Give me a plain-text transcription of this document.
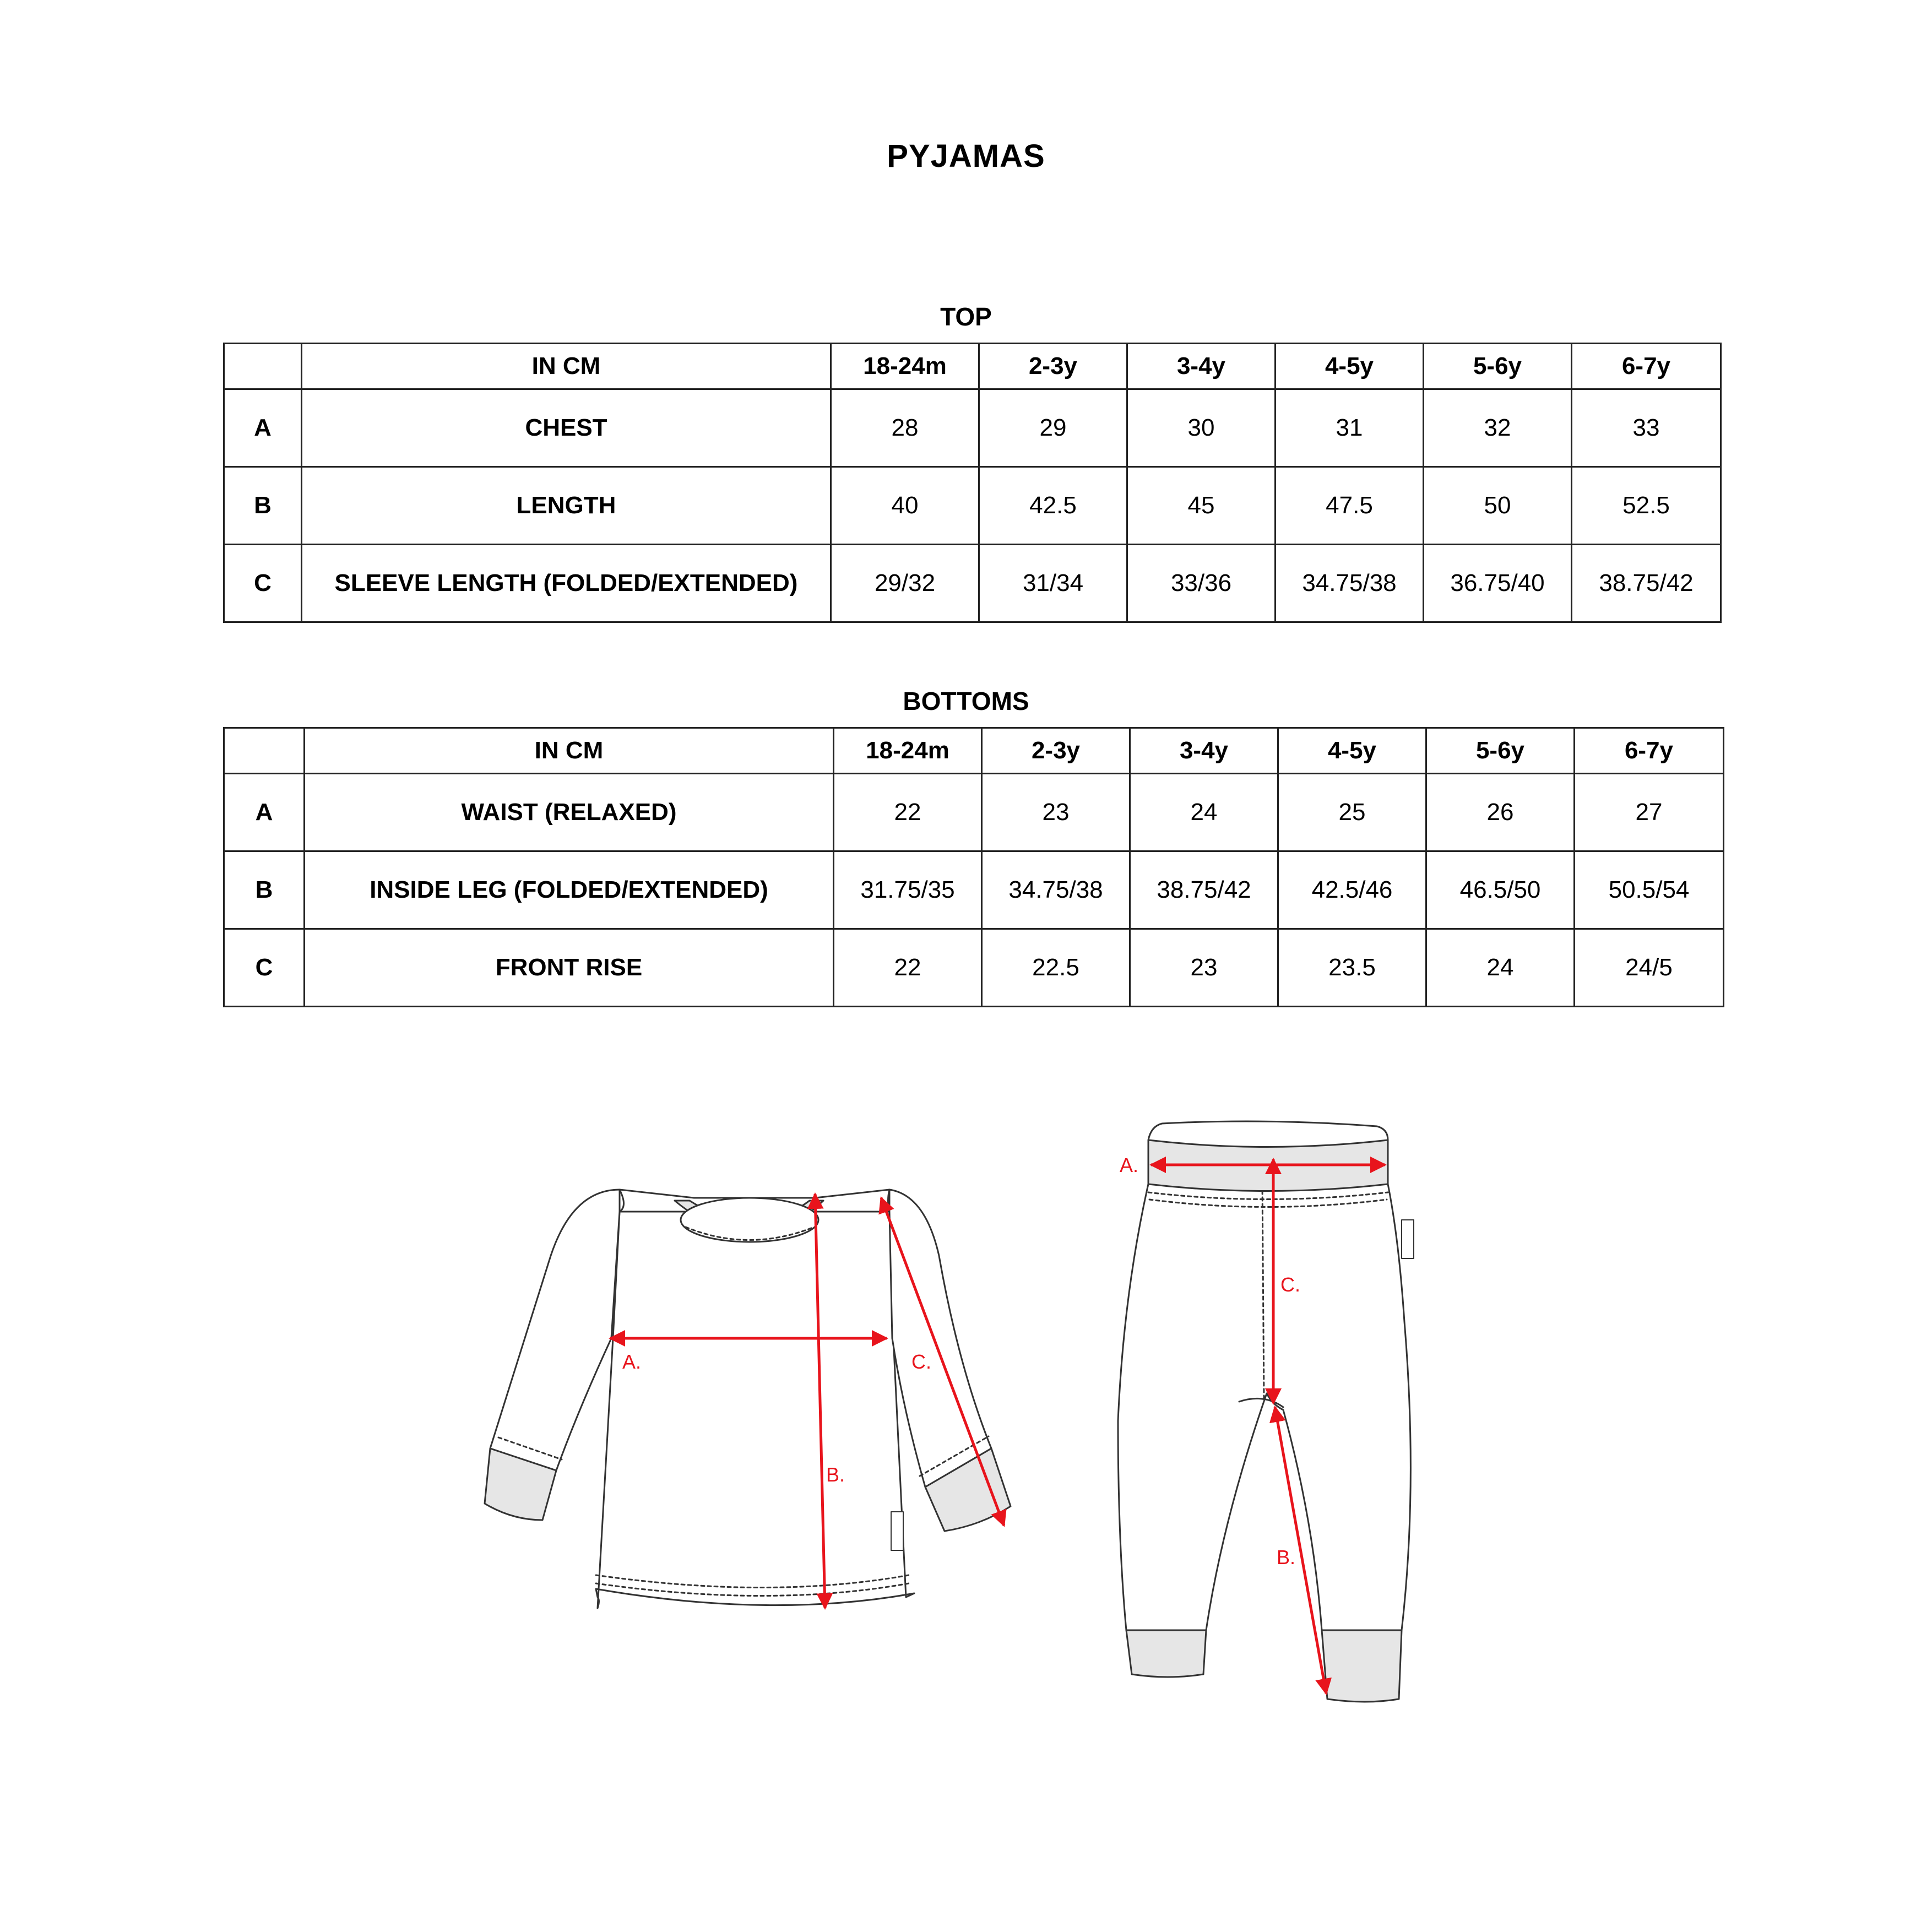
PYJAMAS
TOP
	IN CM	18-24m	2-3y	3-4y	4-5y	5-6y	6-7y
A	CHEST	28	29	30	31	32	33
B	LENGTH	40	42.5	45	47.5	50	52.5
C	SLEEVE LENGTH (FOLDED/EXTENDED)	29/32	31/34	33/36	34.75/38	36.75/40	38.75/42
BOTTOMS
	IN CM	18-24m	2-3y	3-4y	4-5y	5-6y	6-7y
A	WAIST (RELAXED)	22	23	24	25	26	27
B	INSIDE LEG (FOLDED/EXTENDED)	31.75/35	34.75/38	38.75/42	42.5/46	46.5/50	50.5/54
C	FRONT RISE	22	22.5	23	23.5	24	24/5
A.
B.
C.
A.
B.
C.
